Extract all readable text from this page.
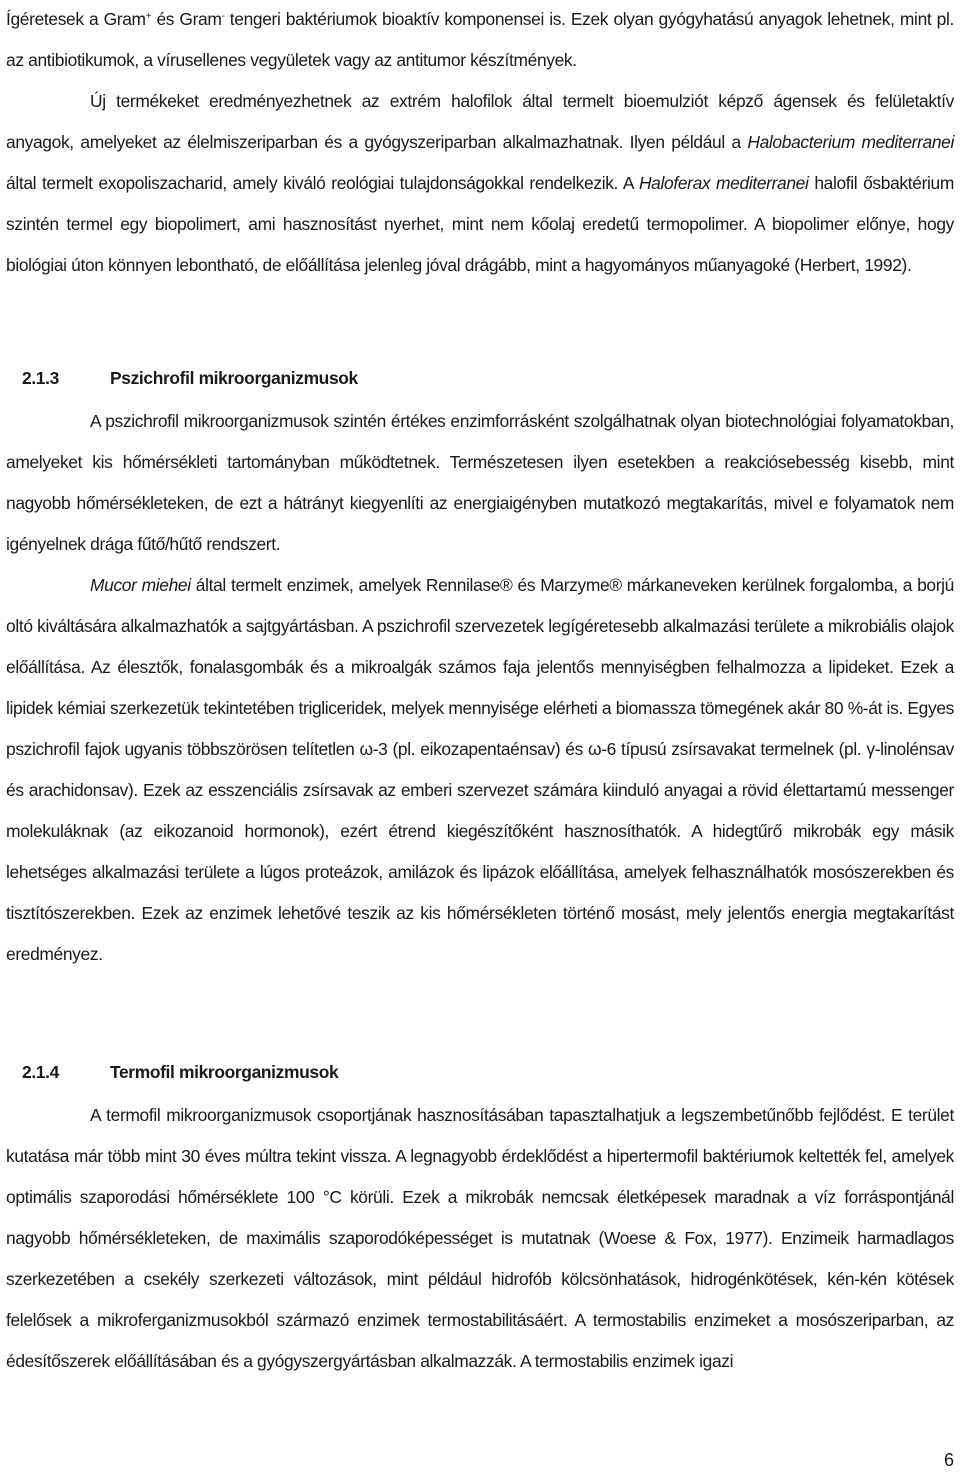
Ígéretesek a Gram+ és Gram- tengeri baktériumok bioaktív komponensei is. Ezek olyan gyógyhatású anyagok lehetnek, mint pl. az antibiotikumok, a vírusellenes vegyületek vagy az antitumor készítmények.
Új termékeket eredményezhetnek az extrém halofilok által termelt bioemulziót képző ágensek és felületaktív anyagok, amelyeket az élelmiszeriparban és a gyógyszeriparban alkalmazhatnak. Ilyen például a Halobacterium mediterranei által termelt exopoliszacharid, amely kiváló reológiai tulajdonságokkal rendelkezik. A Haloferax mediterranei halofil ősbaktérium szintén termel egy biopolimert, ami hasznosítást nyerhet, mint nem kőolaj eredetű termopolimer. A biopolimer előnye, hogy biológiai úton könnyen lebontható, de előállítása jelenleg jóval drágább, mint a hagyományos műanyagoké (Herbert, 1992).

2.1.3	Pszichrofil mikroorganizmusok

A pszichrofil mikroorganizmusok szintén értékes enzimforrásként szolgálhatnak olyan biotechnológiai folyamatokban, amelyeket kis hőmérsékleti tartományban működtetnek. Természetesen ilyen esetekben a reakciósebesség kisebb, mint nagyobb hőmérsékleteken, de ezt a hátrányt kiegyenlíti az energiaigényben mutatkozó megtakarítás, mivel e folyamatok nem igényelnek drága fűtő/hűtő rendszert.
Mucor miehei által termelt enzimek, amelyek Rennilase® és Marzyme® márkaneveken kerülnek forgalomba, a borjú oltó kiváltására alkalmazhatók a sajtgyártásban. A pszichrofil szervezetek legígéretesebb alkalmazási területe a mikrobiális olajok előállítása. Az élesztők, fonalasgombák és a mikroalgák számos faja jelentős mennyiségben felhalmozza a lipideket. Ezek a lipidek kémiai szerkezetük tekintetében trigliceridek, melyek mennyisége elérheti a biomassza tömegének akár 80 %-át is. Egyes pszichrofil fajok ugyanis többszörösen telítetlen ω-3 (pl. eikozapentaénsav) és ω-6 típusú zsírsavakat termelnek (pl. γ-linolénsav és arachidonsav). Ezek az esszenciális zsírsavak az emberi szervezet számára kiinduló anyagai a rövid élettartamú messenger molekuláknak (az eikozanoid hormonok), ezért étrend kiegészítőként hasznosíthatók. A hidegtűrő mikrobák egy másik lehetséges alkalmazási területe a lúgos proteázok, amilázok és lipázok előállítása, amelyek felhasználhatók mosószerekben és tisztítószerekben. Ezek az enzimek lehetővé teszik az kis hőmérsékleten történő mosást, mely jelentős energia megtakarítást eredményez.

2.1.4	Termofil mikroorganizmusok

A termofil mikroorganizmusok csoportjának hasznosításában tapasztalhatjuk a legszembetűnőbb fejlődést. E terület kutatása már több mint 30 éves múltra tekint vissza. A legnagyobb érdeklődést a hipertermofil baktériumok keltették fel, amelyek optimális szaporodási hőmérséklete 100 °C körüli. Ezek a mikrobák nemcsak életképesek maradnak a víz forráspontjánál nagyobb hőmérsékleteken, de maximális szaporodóképességet is mutatnak (Woese & Fox, 1977). Enzimeik harmadlagos szerkezetében a csekély szerkezeti változások, mint például hidrofób kölcsönhatások, hidrogénkötések, kén-kén kötések felelősek a mikroferganizmusokból származó enzimek termostabilitásáért. A termostabilis enzimeket a mosószeriparban, az édesítőszerek előállításában és a gyógyszergyártásban alkalmazzák. A termostabilis enzimek igazi

6
